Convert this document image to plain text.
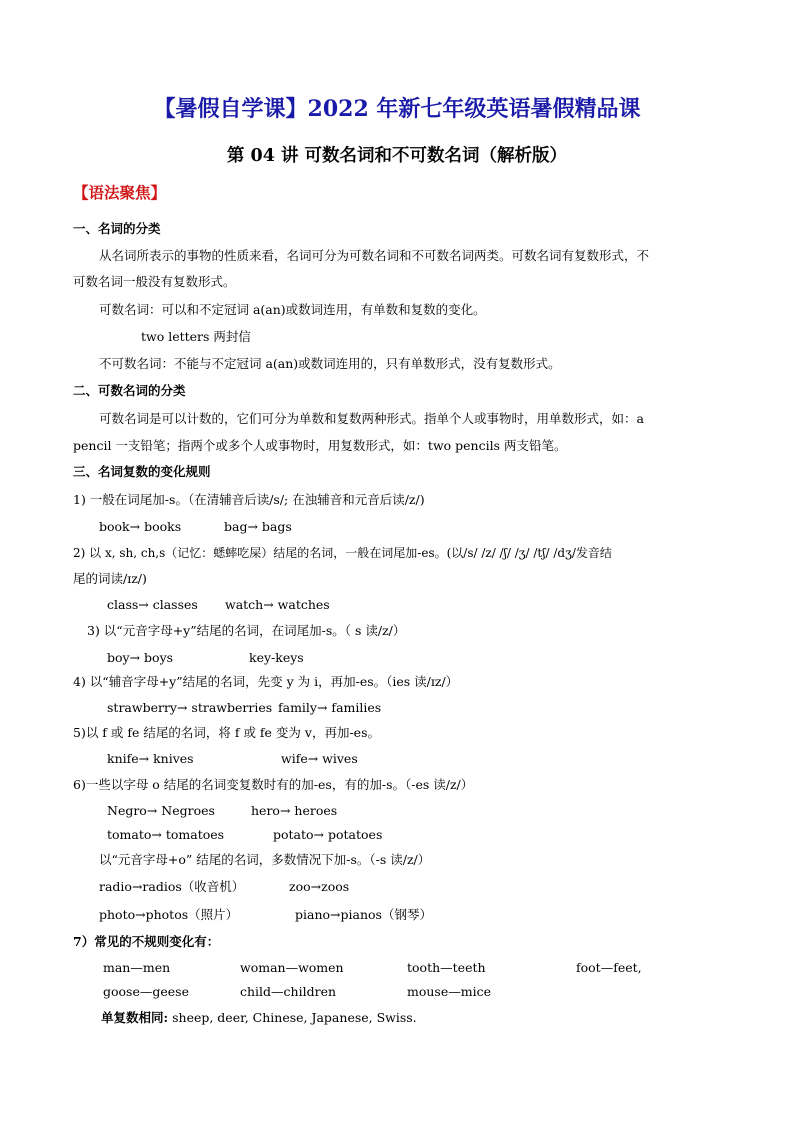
【暑假自学课】2022 年新七年级英语暑假精品课
第 04 讲 可数名词和不可数名词（解析版）
【语法聚焦】
一、名词的分类
从名词所表示的事物的性质来看，名词可分为可数名词和不可数名词两类。可数名词有复数形式，不
可数名词一般没有复数形式。
可数名词：可以和不定冠词 a(an)或数词连用，有单数和复数的变化。
two letters 两封信
不可数名词：不能与不定冠词 a(an)或数词连用的，只有单数形式，没有复数形式。
二、可数名词的分类
可数名词是可以计数的，它们可分为单数和复数两种形式。指单个人或事物时，用单数形式，如：a
pencil 一支铅笔；指两个或多个人或事物时，用复数形式，如：two pencils 两支铅笔。
三、名词复数的变化规则
1) 一般在词尾加-s。（在清辅音后读/s/; 在浊辅音和元音后读/z/)
book→ books	bag→ bags
2) 以 x, sh, ch,s（记忆：蟋蟀吃屎）结尾的名词，一般在词尾加-es。(以/s/ /z/ /ʃ/ /ʒ/ /tʃ/ /dʒ/发音结
尾的词读/ɪz/)
class→ classes watch→ watches
3) 以“元音字母+y”结尾的名词，在词尾加-s。（ s 读/z/）
boy→ boys	key-keys
4) 以“辅音字母+y”结尾的名词，先变 y 为 i，再加-es。（ies 读/ɪz/）
strawberry→ strawberries family→ families
5)以 f 或 fe 结尾的名词，将 f 或 fe 变为 v，再加-es。
knife→ knives	wife→ wives
6)一些以字母 o 结尾的名词变复数时有的加-es，有的加-s。（-es 读/z/）
Negro→ Negroes	hero→ heroes
tomato→ tomatoes	potato→ potatoes
以“元音字母+o” 结尾的名词，多数情况下加-s。（-s 读/z/）
radio→radios（收音机）	zoo→zoos
photo→photos（照片）	piano→pianos（钢琴）
7）常见的不规则变化有：
man—men	woman—women	tooth—teeth	foot—feet,
goose—geese	child—children	mouse—mice
单复数相同: sheep, deer, Chinese, Japanese, Swiss.
